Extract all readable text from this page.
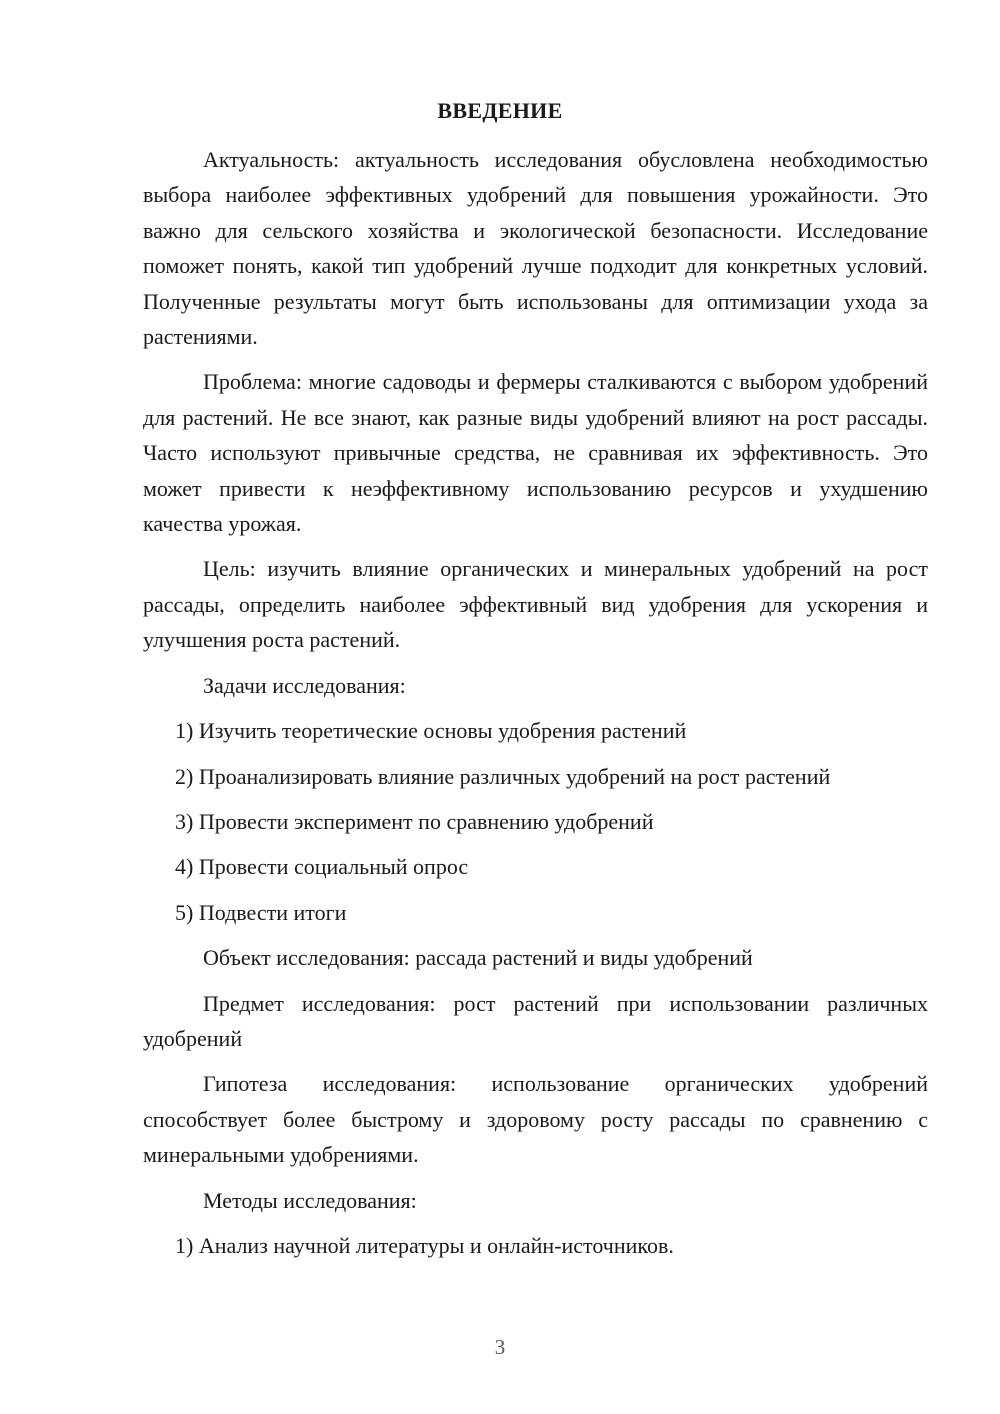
ВВЕДЕНИЕ

Актуальность: актуальность исследования обусловлена необходимостью выбора наиболее эффективных удобрений для повышения урожайности. Это важно для сельского хозяйства и экологической безопасности. Исследование поможет понять, какой тип удобрений лучше подходит для конкретных условий. Полученные результаты могут быть использованы для оптимизации ухода за растениями.

Проблема: многие садоводы и фермеры сталкиваются с выбором удобрений для растений. Не все знают, как разные виды удобрений влияют на рост рассады. Часто используют привычные средства, не сравнивая их эффективность. Это может привести к неэффективному использованию ресурсов и ухудшению качества урожая.

Цель: изучить влияние органических и минеральных удобрений на рост рассады, определить наиболее эффективный вид удобрения для ускорения и улучшения роста растений.

Задачи исследования:

1) Изучить теоретические основы удобрения растений
2) Проанализировать влияние различных удобрений на рост растений
3) Провести эксперимент по сравнению удобрений
4) Провести социальный опрос
5) Подвести итоги

Объект исследования: рассада растений и виды удобрений

Предмет исследования: рост растений при использовании различных удобрений

Гипотеза исследования: использование органических удобрений способствует более быстрому и здоровому росту рассады по сравнению с минеральными удобрениями.

Методы исследования:

1) Анализ научной литературы и онлайн-источников.
3
